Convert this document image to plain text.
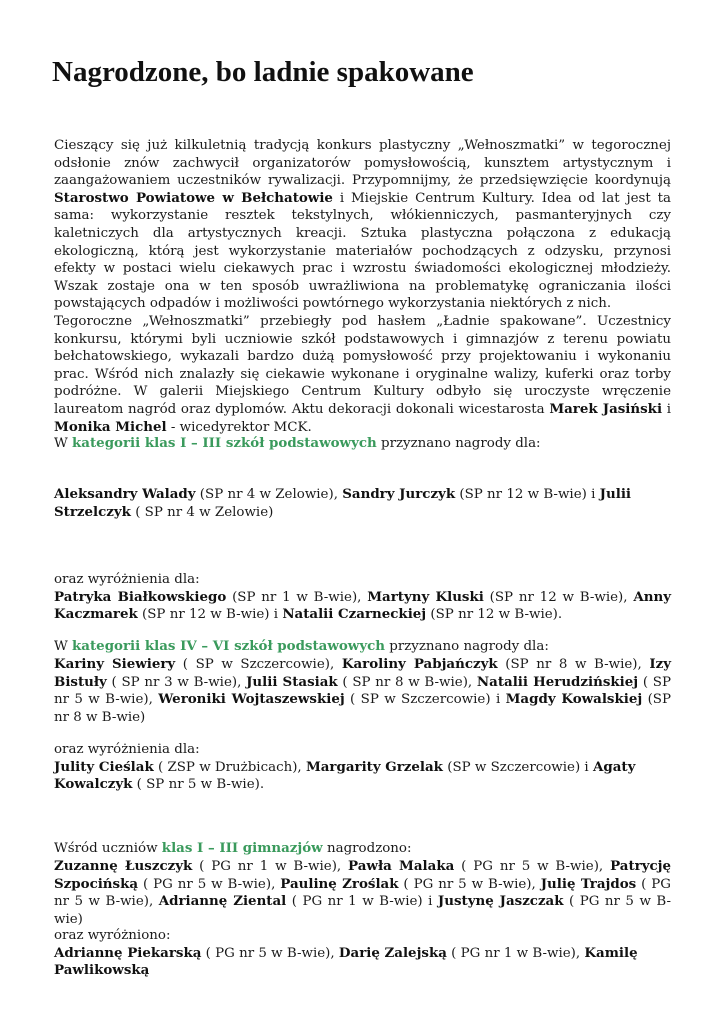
Nagrodzone, bo ladnie spakowane

Cieszący się już kilkuletnią tradycją konkurs plastyczny „Wełnoszmatki” w tegorocznej odsłonie znów zachwycił organizatorów pomysłowością, kunsztem artystycznym i zaangażowaniem uczestników rywalizacji. Przypomnijmy, że przedsięwzięcie koordynują Starostwo Powiatowe w Bełchatowie i Miejskie Centrum Kultury. Idea od lat jest ta sama: wykorzystanie resztek tekstylnych, włókienniczych, pasmanteryjnych czy kaletniczych dla artystycznych kreacji. Sztuka plastyczna połączona z edukacją ekologiczną, którą jest wykorzystanie materiałów pochodzących z odzysku, przynosi efekty w postaci wielu ciekawych prac i wzrostu świadomości ekologicznej młodzieży. Wszak zostaje ona w ten sposób uwrażliwiona na problematykę ograniczania ilości powstających odpadów i możliwości powtórnego wykorzystania niektórych z nich.

Tegoroczne „Wełnoszmatki” przebiegły pod hasłem „Ładnie spakowane”. Uczestnicy konkursu, którymi byli uczniowie szkół podstawowych i gimnazjów z terenu powiatu bełchatowskiego, wykazali bardzo dużą pomysłowość przy projektowaniu i wykonaniu prac. Wśród nich znalazły się ciekawie wykonane i oryginalne walizy, kuferki oraz torby podróżne. W galerii Miejskiego Centrum Kultury odbyło się uroczyste wręczenie laureatom nagród oraz dyplomów. Aktu dekoracji dokonali wicestarosta Marek Jasiński i Monika Michel - wicedyrektor MCK.

W kategorii klas I – III szkół podstawowych przyznano nagrody dla:

Aleksandry Walady (SP nr 4 w Zelowie), Sandry Jurczyk (SP nr 12 w B-wie) i Julii Strzelczyk ( SP nr 4 w Zelowie)

oraz wyróżnienia dla:

Patryka Białkowskiego (SP nr 1 w B-wie), Martyny Kluski (SP nr 12 w B-wie), Anny Kaczmarek (SP nr 12 w B-wie) i Natalii Czarneckiej (SP nr 12 w B-wie).

W kategorii klas IV – VI szkół podstawowych przyznano nagrody dla:

Kariny Siewiery ( SP w Szczercowie), Karoliny Pabjańczyk (SP nr 8 w B-wie), Izy Bistuły ( SP nr 3 w B-wie), Julii Stasiak ( SP nr 8 w B-wie), Natalii Herudzińskiej ( SP nr 5 w B-wie), Weroniki Wojtaszewskiej ( SP w Szczercowie) i Magdy Kowalskiej (SP nr 8 w B-wie)

oraz wyróżnienia dla:

Julity Cieślak ( ZSP w Drużbicach), Margarity Grzelak (SP w Szczercowie) i Agaty Kowalczyk ( SP nr 5 w B-wie).

Wśród uczniów klas I – III gimnazjów nagrodzono:

Zuzannę Łuszczyk ( PG nr 1 w B-wie), Pawła Malaka ( PG nr 5 w B-wie), Patrycję Szpocińską ( PG nr 5 w B-wie), Paulinę Zroślak ( PG nr 5 w B-wie), Julię Trajdos ( PG nr 5 w B-wie), Adriannę Ziental ( PG nr 1 w B-wie) i Justynę Jaszczak ( PG nr 5 w B-wie)

oraz wyróżniono:

Adriannę Piekarską ( PG nr 5 w B-wie), Darię Zalejską ( PG nr 1 w B-wie), Kamilę Pawlikowską
